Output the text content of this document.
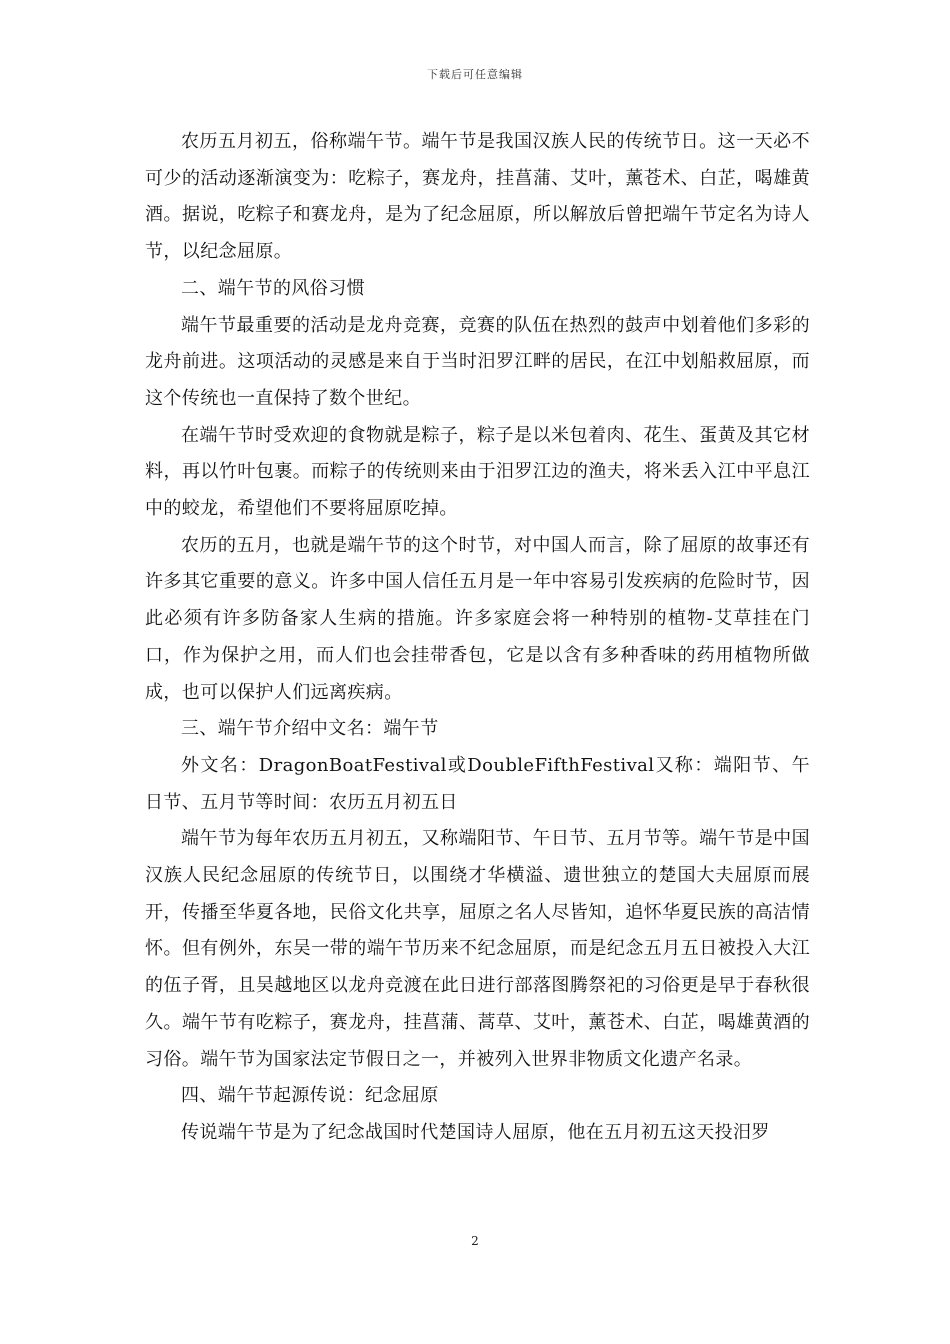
下载后可任意编辑

农历五月初五，俗称端午节。端午节是我国汉族人民的传统节日。这一天必不可少的活动逐渐演变为：吃粽子，赛龙舟，挂菖蒲、艾叶，薰苍术、白芷，喝雄黄酒。据说，吃粽子和赛龙舟，是为了纪念屈原，所以解放后曾把端午节定名为诗人节，以纪念屈原。

二、端午节的风俗习惯

端午节最重要的活动是龙舟竞赛，竞赛的队伍在热烈的鼓声中划着他们多彩的龙舟前进。这项活动的灵感是来自于当时汨罗江畔的居民，在江中划船救屈原，而这个传统也一直保持了数个世纪。

在端午节时受欢迎的食物就是粽子，粽子是以米包着肉、花生、蛋黄及其它材料，再以竹叶包裹。而粽子的传统则来由于汨罗江边的渔夫，将米丢入江中平息江中的蛟龙，希望他们不要将屈原吃掉。

农历的五月，也就是端午节的这个时节，对中国人而言，除了屈原的故事还有许多其它重要的意义。许多中国人信任五月是一年中容易引发疾病的危险时节，因此必须有许多防备家人生病的措施。许多家庭会将一种特别的植物-艾草挂在门口，作为保护之用，而人们也会挂带香包，它是以含有多种香味的药用植物所做成，也可以保护人们远离疾病。

三、端午节介绍中文名：端午节

外文名：DragonBoatFestival或DoubleFifthFestival又称：端阳节、午日节、五月节等时间：农历五月初五日

端午节为每年农历五月初五，又称端阳节、午日节、五月节等。端午节是中国汉族人民纪念屈原的传统节日，以围绕才华横溢、遗世独立的楚国大夫屈原而展开，传播至华夏各地，民俗文化共享，屈原之名人尽皆知，追怀华夏民族的高洁情怀。但有例外，东吴一带的端午节历来不纪念屈原，而是纪念五月五日被投入大江的伍子胥，且吴越地区以龙舟竞渡在此日进行部落图腾祭祀的习俗更是早于春秋很久。端午节有吃粽子，赛龙舟，挂菖蒲、蒿草、艾叶，薰苍术、白芷，喝雄黄酒的习俗。端午节为国家法定节假日之一，并被列入世界非物质文化遗产名录。

四、端午节起源传说：纪念屈原

传说端午节是为了纪念战国时代楚国诗人屈原，他在五月初五这天投汨罗

2
